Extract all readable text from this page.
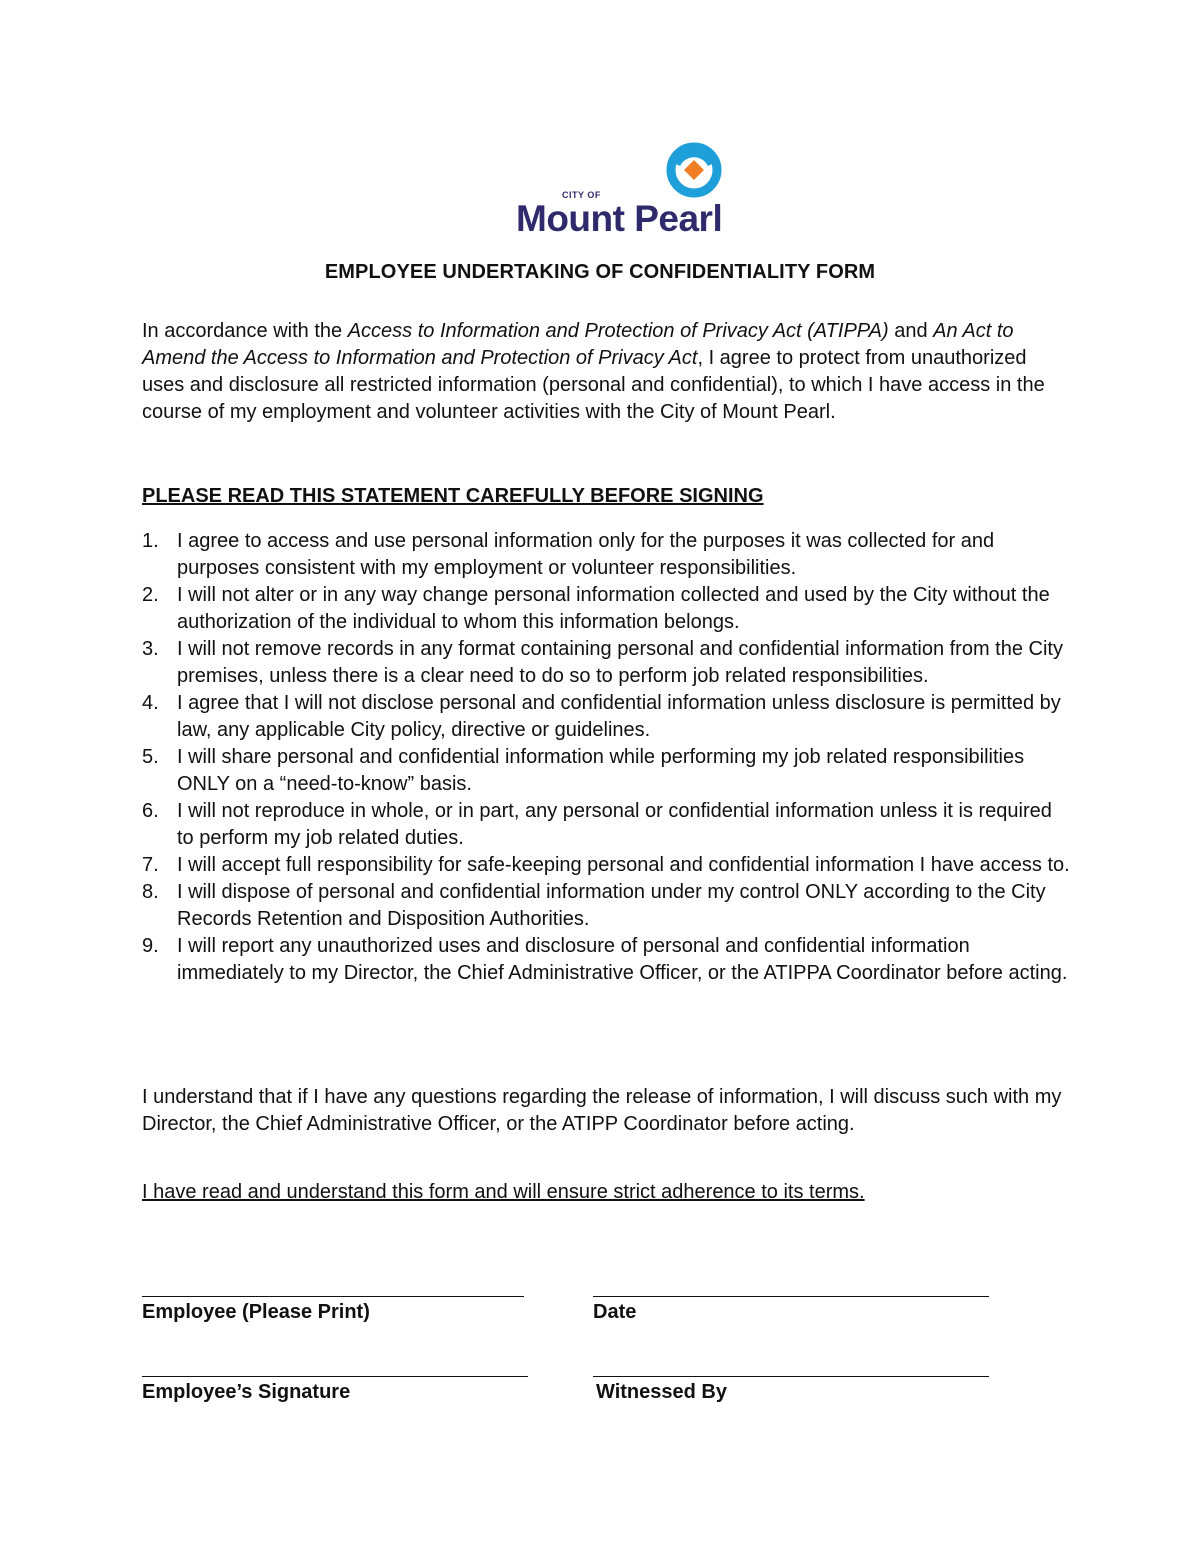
CITY OF
Mount Pearl
EMPLOYEE UNDERTAKING OF CONFIDENTIALITY FORM

In accordance with the Access to Information and Protection of Privacy Act (ATIPPA) and An Act to Amend the Access to Information and Protection of Privacy Act, I agree to protect from unauthorized uses and disclosure all restricted information (personal and confidential), to which I have access in the course of my employment and volunteer activities with the City of Mount Pearl.

PLEASE READ THIS STATEMENT CAREFULLY BEFORE SIGNING
1. I agree to access and use personal information only for the purposes it was collected for and purposes consistent with my employment or volunteer responsibilities.
2. I will not alter or in any way change personal information collected and used by the City without the authorization of the individual to whom this information belongs.
3. I will not remove records in any format containing personal and confidential information from the City premises, unless there is a clear need to do so to perform job related responsibilities.
4. I agree that I will not disclose personal and confidential information unless disclosure is permitted by law, any applicable City policy, directive or guidelines.
5. I will share personal and confidential information while performing my job related responsibilities ONLY on a “need-to-know” basis.
6. I will not reproduce in whole, or in part, any personal or confidential information unless it is required to perform my job related duties.
7. I will accept full responsibility for safe-keeping personal and confidential information I have access to.
8. I will dispose of personal and confidential information under my control ONLY according to the City Records Retention and Disposition Authorities.
9. I will report any unauthorized uses and disclosure of personal and confidential information immediately to my Director, the Chief Administrative Officer, or the ATIPPA Coordinator before acting.

I understand that if I have any questions regarding the release of information, I will discuss such with my Director, the Chief Administrative Officer, or the ATIPP Coordinator before acting.

I have read and understand this form and will ensure strict adherence to its terms.
Employee (Please Print)	Date
Employee’s Signature	Witnessed By
